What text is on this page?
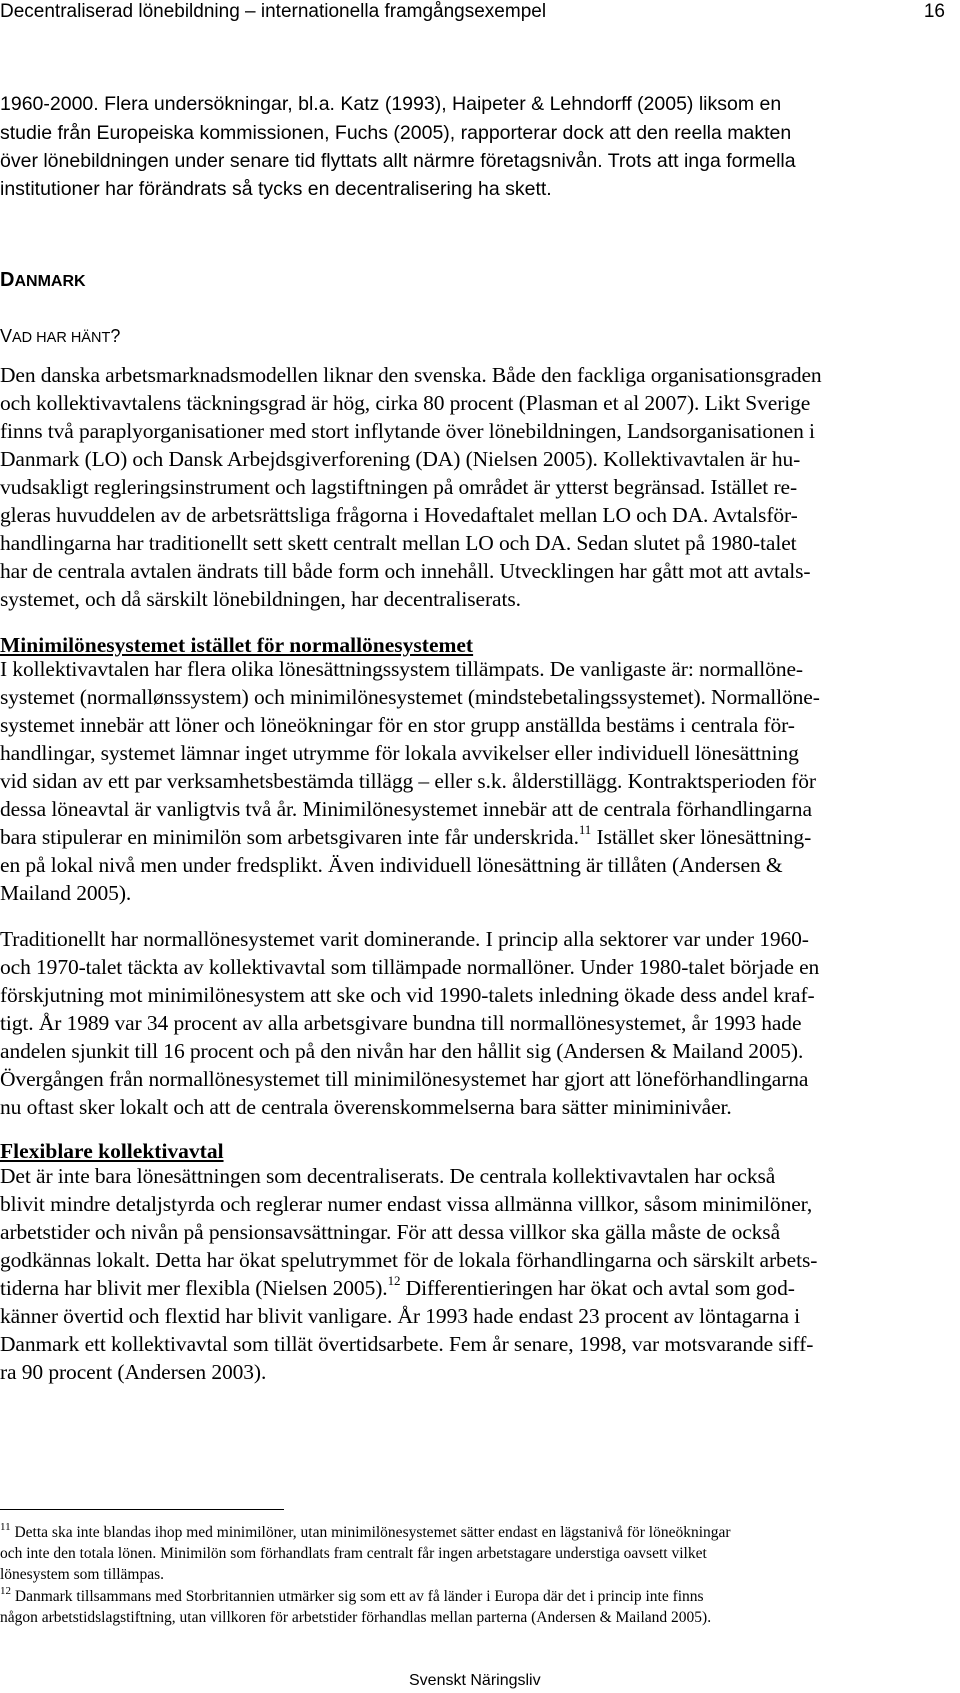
Decentraliserad lönebildning – internationella framgångsexempel	16
1960-2000. Flera undersökningar, bl.a. Katz (1993), Haipeter & Lehndorff (2005) liksom en
studie från Europeiska kommissionen, Fuchs (2005), rapporterar dock att den reella makten
över lönebildningen under senare tid flyttats allt närmre företagsnivån. Trots att inga formella
institutioner har förändrats så tycks en decentralisering ha skett.
DANMARK
VAD HAR HÄNT?
Den danska arbetsmarknadsmodellen liknar den svenska. Både den fackliga organisationsgraden
och kollektivavtalens täckningsgrad är hög, cirka 80 procent (Plasman et al 2007). Likt Sverige
finns två paraplyorganisationer med stort inflytande över lönebildningen, Landsorganisationen i
Danmark (LO) och Dansk Arbejdsgiverforening (DA) (Nielsen 2005). Kollektivavtalen är hu-
vudsakligt regleringsinstrument och lagstiftningen på området är ytterst begränsad. Istället re-
gleras huvuddelen av de arbetsrättsliga frågorna i Hovedaftalet mellan LO och DA. Avtalsför-
handlingarna har traditionellt sett skett centralt mellan LO och DA. Sedan slutet på 1980-talet
har de centrala avtalen ändrats till både form och innehåll. Utvecklingen har gått mot att avtals-
systemet, och då särskilt lönebildningen, har decentraliserats.
Minimilönesystemet istället för normallönesystemet
I kollektivavtalen har flera olika lönesättningssystem tillämpats. De vanligaste är: normallöne-
systemet (normallønssystem) och minimilönesystemet (mindstebetalingssystemet). Normallöne-
systemet innebär att löner och löneökningar för en stor grupp anställda bestäms i centrala för-
handlingar, systemet lämnar inget utrymme för lokala avvikelser eller individuell lönesättning
vid sidan av ett par verksamhetsbestämda tillägg – eller s.k. ålderstillägg. Kontraktsperioden för
dessa löneavtal är vanligtvis två år. Minimilönesystemet innebär att de centrala förhandlingarna
bara stipulerar en minimilön som arbetsgivaren inte får underskrida.$^{11}$ Istället sker lönesättning-
en på lokal nivå men under fredsplikt. Även individuell lönesättning är tillåten (Andersen &
Mailand 2005).
Traditionellt har normallönesystemet varit dominerande. I princip alla sektorer var under 1960-
och 1970-talet täckta av kollektivavtal som tillämpade normallöner. Under 1980-talet började en
förskjutning mot minimilönesystem att ske och vid 1990-talets inledning ökade dess andel kraf-
tigt. År 1989 var 34 procent av alla arbetsgivare bundna till normallönesystemet, år 1993 hade
andelen sjunkit till 16 procent och på den nivån har den hållit sig (Andersen & Mailand 2005).
Övergången från normallönesystemet till minimilönesystemet har gjort att löneförhandlingarna
nu oftast sker lokalt och att de centrala överenskommelserna bara sätter miniminivåer.
Flexiblare kollektivavtal
Det är inte bara lönesättningen som decentraliserats. De centrala kollektivavtalen har också
blivit mindre detaljstyrda och reglerar numer endast vissa allmänna villkor, såsom minimilöner,
arbetstider och nivån på pensionsavsättningar. För att dessa villkor ska gälla måste de också
godkännas lokalt. Detta har ökat spelutrymmet för de lokala förhandlingarna och särskilt arbets-
tiderna har blivit mer flexibla (Nielsen 2005).$^{12}$ Differentieringen har ökat och avtal som god-
känner övertid och flextid har blivit vanligare. År 1993 hade endast 23 procent av löntagarna i
Danmark ett kollektivavtal som tillät övertidsarbete. Fem år senare, 1998, var motsvarande siff-
ra 90 procent (Andersen 2003).
$^{11}$ Detta ska inte blandas ihop med minimilöner, utan minimilönesystemet sätter endast en lägstanivå för löneökningar
och inte den totala lönen. Minimilön som förhandlats fram centralt får ingen arbetstagare understiga oavsett vilket
lönesystem som tillämpas.
$^{12}$ Danmark tillsammans med Storbritannien utmärker sig som ett av få länder i Europa där det i princip inte finns
någon arbetstidslagstiftning, utan villkoren för arbetstider förhandlas mellan parterna (Andersen & Mailand 2005).
Svenskt Näringsliv
